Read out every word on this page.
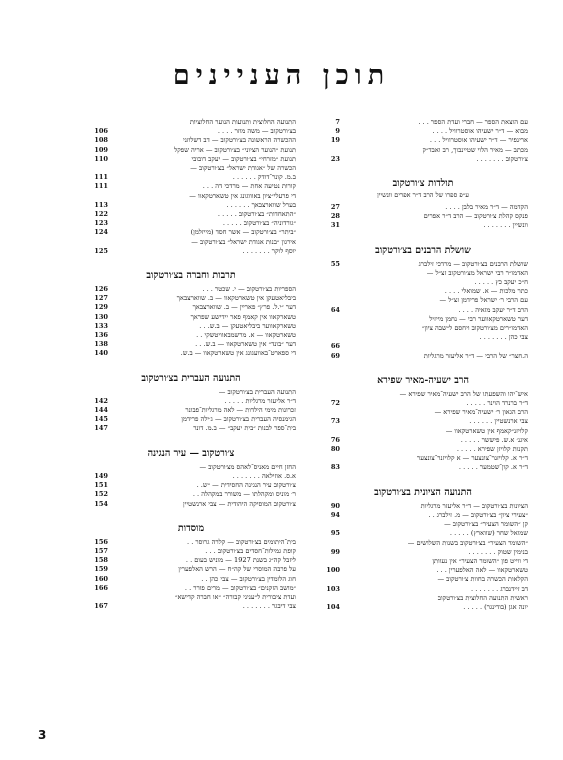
תוכן העניינים
עם הוצאת הספר — חברי ועדת הספר . . .
7
מבוא — ד״ר ישעיהו אוסטרוויל . . . .
9
ארינפיר — ד״ר ישעיהו אוסטרוויל . . .
19
מכתב — מאיר הלוי שטיינבוך, רב ואבד״ק
צ׳ורטקוב . . . . . . .
23
תולדות צ׳ורטקוב
ע״פ ספרו של הרב ד״ר אפרים וונשיין
הקדמה — ד״ר מאיר בלבן . . . .
27
פנקס קהלת צ׳ורטקוב — הרב ד״ר אפרים
28
וונשיין . . . . . . .
31
שושלת הרבנים בצ׳ורטקוב
שושלת הרבנים בצ׳ורטקוב — מרדכי זילברג
55
האדמו״ר רבי ישראל מצ׳ורטקוב זצ״ל —
ח״כ יעקב כץ . . . . .
כתר מלכות — א. שמואלי . . . .
עם הרבי ר׳ ישראל פרידמן זצ״ל —
הרב ד״ר יעקב מזאיה . . . .
64
דער טשארטקאווער רבי — נחמן מייזיל
האדמו״רים מצ׳ורטקוב ויחסם ל״שבה ציון״
צבי כהן . . . . . . .
66
ה.חצר״ של הרבי — ד״ר אליעזר מרגליות
69
הרב ישעיה-מאיר שפירא
איש־יהו והשפעתו של הרב ישעיה־מאיר שפירא —
ד״ר ברנרד הוינר . . . . .
72
הרב הגאון ר׳ ישעיה־מאיר שפירא —
צבי ארנשטיין . . . . . .
73
קלויזנ״קאמף אין טשארטקאוו —
איגנ׳ א.ש. פיששר . . . . .
76
תקנות קלויזן שפירא . . . . .
80
ד״ר א. קלויזנר־צונצער — א קלויזנר־צונצער
ד״ר א. קון־שטמער . . . . .
83
התנועה הציונית בצ׳ורטקוב
הציונות בצ׳ורטקוב — ד״ר אליעזר מרגליות
90
״צעירי ציון״ בצ׳ורטקוב — מ. זילברג . .
94
קן ״השומר הצעיר״ בצ׳ורטקוב —
שמואל שחר (שווארץ) . . . . .
95
״השומר הצעיר״ בצ׳ורטקוב בשנות השלושים —
בנימין שטוק . . . . . . .
99
די ווייט פון ״השומר הצעיר״ אין נעוותן
טשארטקאוו — לאה האלפערין . . .
100
הקלאות הכשרה בחוות צ׳ורטקוב —
דב זיידנברג . . . . . . .
103
ראשית התנועה החלוצית בצ׳ורטקוב
יונה אגן (בודינגר) . . . . .
104
התנועה החלוצית ותנועות הנוער החלוציות
בצ׳ורטקוב — משה מוזר . . . .
106
ההכשרה הראשונה בצ׳ורטקוב — דב דשלוזני
108
תנועת ״הנוער הציוני״ בצ׳ורטקוב — אריה שפקל
109
תנועת ״מזרחי״ בצ׳ורטקוב — יעקב דובובי
110
הכשרה של ״אגודת ישראל״ בצ׳ורטקוב —
ב.מ. קונר־דודק . . . . . .
111
קורות נטיעה אחת — מרדכי דה . . .
111
די פרעלי״ציון באוווגונג אין טשארטקאוו —
בערל שווארצבאך . . . . . .
113
״התאחדות״ בצ׳ורטקוב . . . . .
122
״גורדוניה״ בצ׳ורטקוב . . . . .
123
״ביתר״ בצ׳ורטקוב — אשר חסד (מייזלמן)
124
אירגון ״בנות אגודת ישראל״ בצ׳ורטקוב —
יוסף לוקר . . . . . . .
125
תרבות וחברה בצ׳ורטקוב
הספריות בצ׳ורטקוב — י. שכטר . . .
126
ביבליאטעקן אין טשארטקאוו — ב. שווארצבאך
127
דער ״י.ל. פרץ״ פארײן — ב. שווארצבאך
129
טשארקאוו אין קאמף פאר יידישע שפראך
130
טשארקאווער ביבליאטעקן — ב.ש. . .
133
טשארטקאוו — א. מרשמבאוויטשקי . .
136
דער ״בונד״ אין טשארטקאוו — ב.ש. . .
138
די ספארט־באוועגונג אין טשארטקאוו — ב.ש.
140
התנועה העברית בצ׳ורטקוב
התנועה העברית בצ׳ורטקוב —
ד״ר אליעזר מרגליות . . . . .
142
זכרונות מימי הילדות — לאה מרגליות־פבונר
144
הגימנסיה העברית בצ׳ורטקוב — ג׳ילה פרידמן
145
בית־ספר לבנות ״בית יעקב״ — ב.מ. דונר
147
צ׳ורטקוב — עיר הנגינה
החזן חיים מאניס־לאהס מצ׳ורטקוב —
א.ס. אוזילאה . . . . . . .
149
צ׳ורטקוב עיר הנגינה החסידית — ״ש. .
151
ר׳ מוניס ומקהלתו — משורר במקהלה . .
152
צ׳ורטקוב המוסיקה היהודית — צבי ארנשטיין
154
מוסדות
בית־היתומים בצ׳ורטקוב — קלרה גרוסר . .
156
קופת גמילות־חסדים בצ׳ורטקוב . . .
157
ליזבל קה״ג בשנת 1927 — מוניש בעום . .
158
על פרבה המוסרי של קה״ח — הרש האלפערין
159
חוג הלומדין בצ׳ורטקוב — צבי כהן . .
160
״מושב הזקנים״ בצ׳ורטקוב — מרים פורר . .
166
ועדת ציבורית ל״עניני קבורה״ ״או חברה קדישא״
צבי דיבגר . . . . . . .
167
3
